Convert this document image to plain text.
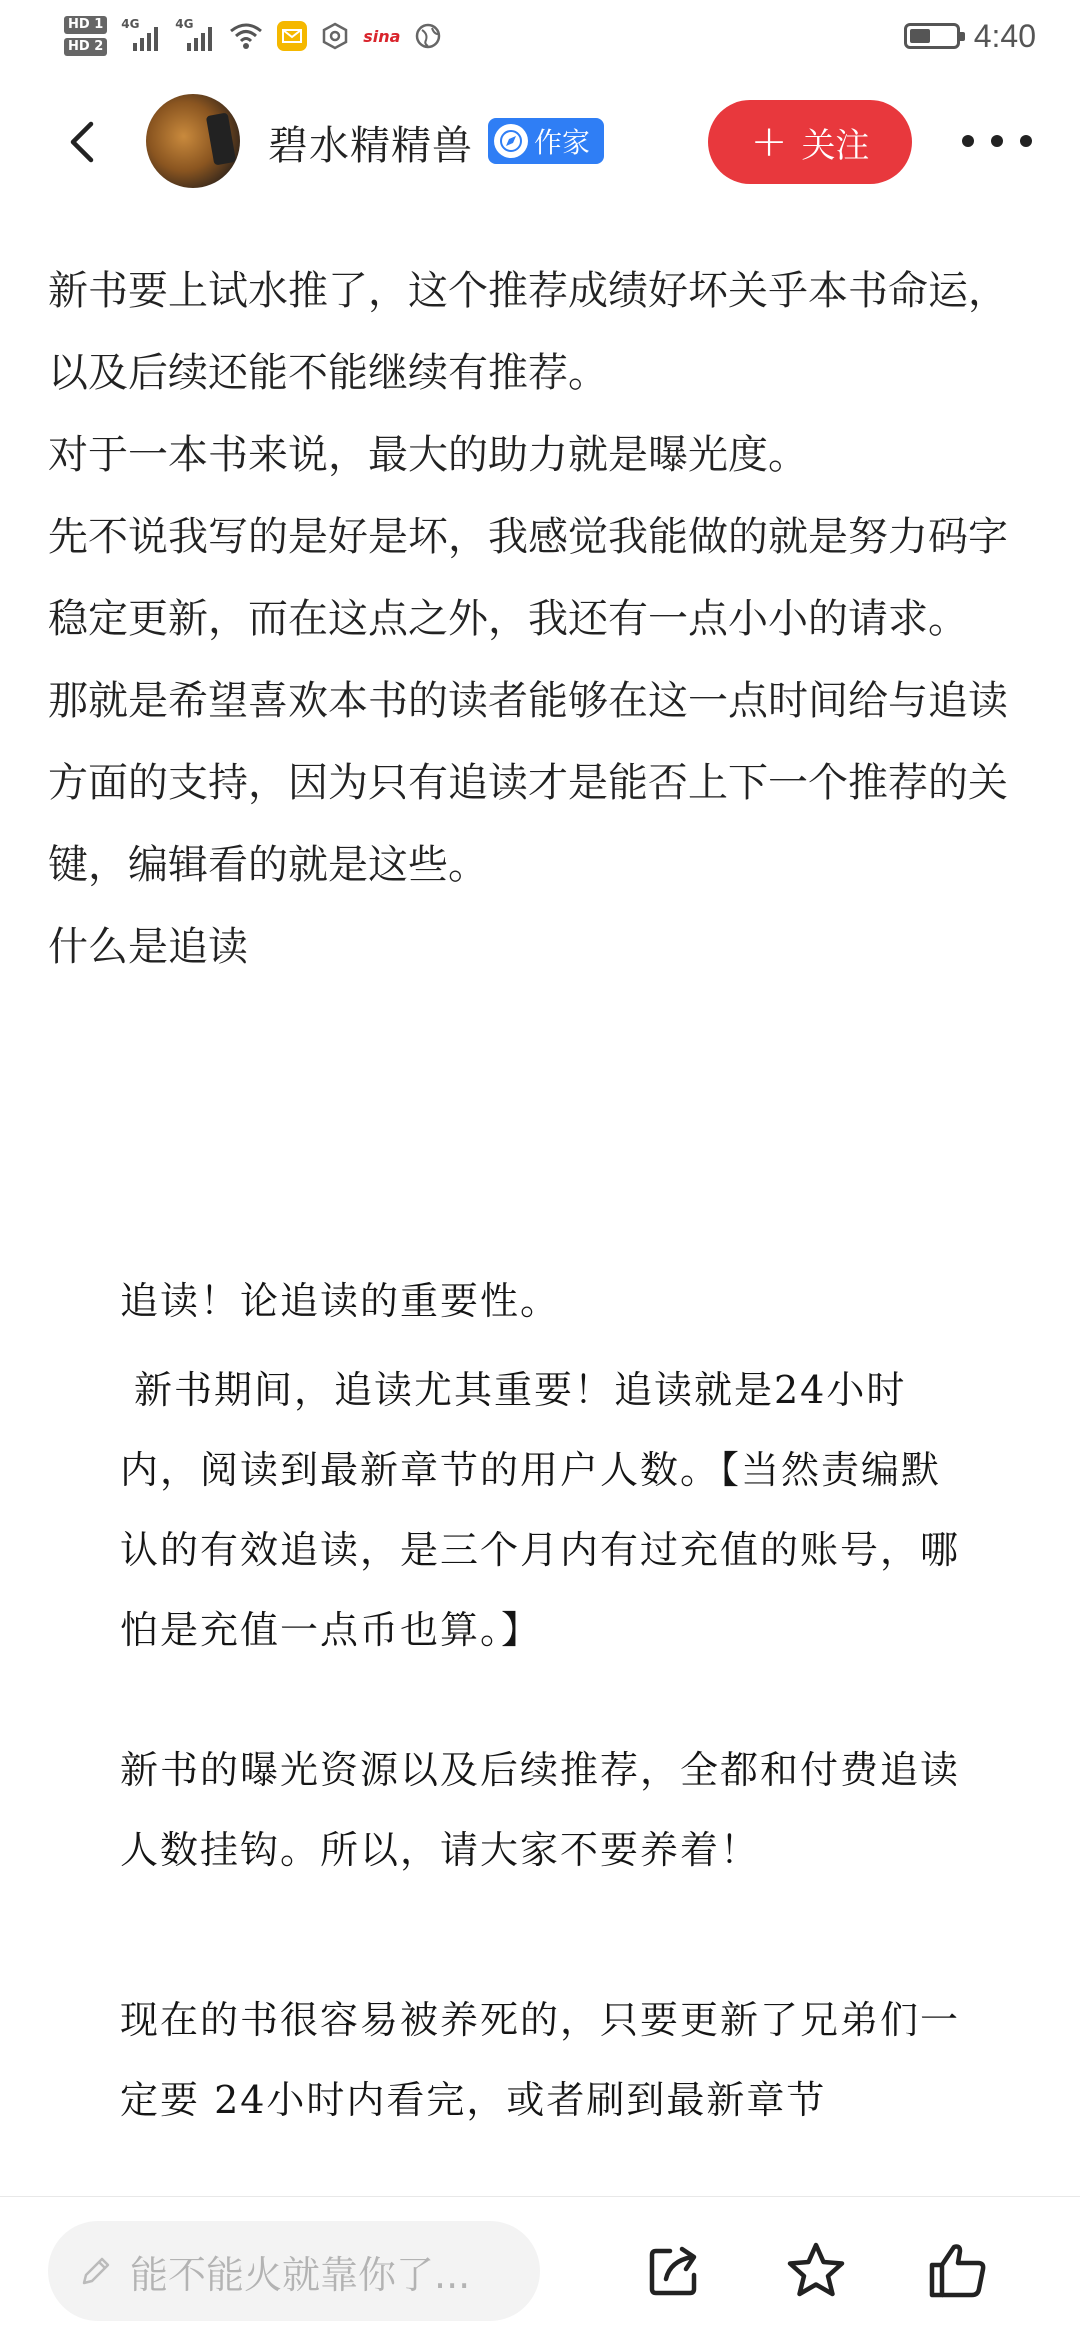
HD 1
HD 2
4G	4G
sina	4:40
碧水精精兽 作家	+ 关注

新书要上试水推了，这个推荐成绩好坏关乎本书命运，以及后续还能不能继续有推荐。

对于一本书来说，最大的助力就是曝光度。

先不说我写的是好是坏，我感觉我能做的就是努力码字稳定更新，而在这点之外，我还有一点小小的请求。

那就是希望喜欢本书的读者能够在这一点时间给与追读方面的支持，因为只有追读才是能否上下一个推荐的关键，编辑看的就是这些。

什么是追读

追读！论追读的重要性。
新书期间，追读尤其重要！追读就是24小时内，阅读到最新章节的用户人数。【当然责编默认的有效追读，是三个月内有过充值的账号，哪怕是充值一点币也算。】
新书的曝光资源以及后续推荐，全都和付费追读人数挂钩。所以，请大家不要养着！
现在的书很容易被养死的，只要更新了兄弟们一定要 24小时内看完，或者刷到最新章节
能不能火就靠你了...
